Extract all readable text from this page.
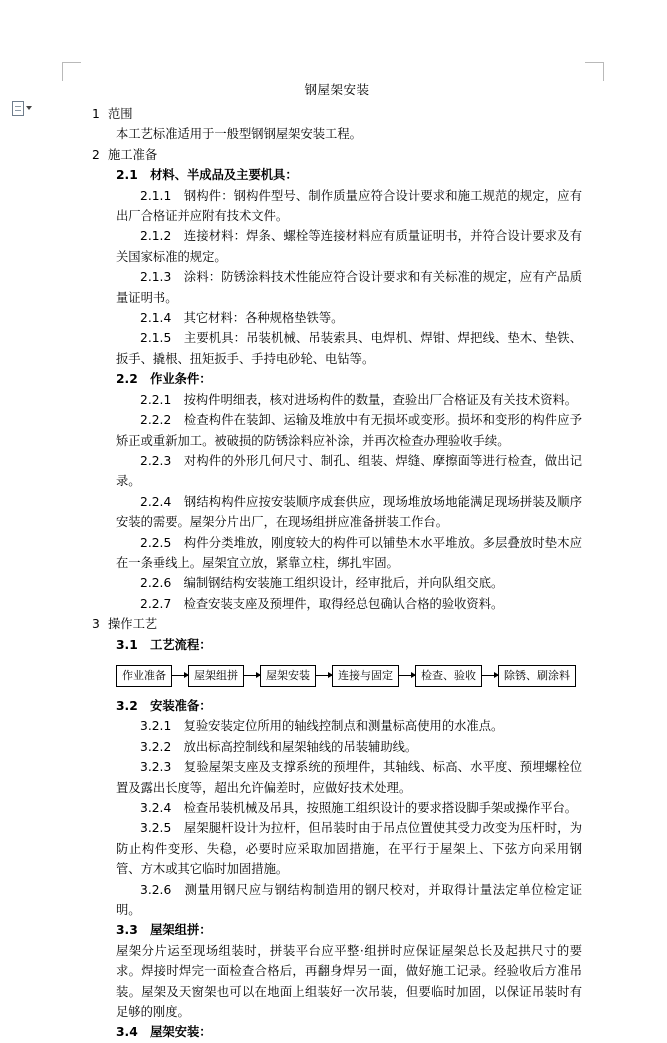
钢屋架安装

1 范围

本工艺标准适用于一般型钢钢屋架安装工程。

2 施工准备

2.1　材料、半成品及主要机具：

2.1.1　钢构件：钢构件型号、制作质量应符合设计要求和施工规范的规定，应有出厂合格证并应附有技术文件。

2.1.2　连接材料：焊条、螺栓等连接材料应有质量证明书，并符合设计要求及有关国家标准的规定。

2.1.3　涂料：防锈涂料技术性能应符合设计要求和有关标准的规定，应有产品质量证明书。

2.1.4　其它材料：各种规格垫铁等。

2.1.5　主要机具：吊装机械、吊装索具、电焊机、焊钳、焊把线、垫木、垫铁、扳手、撬根、扭矩扳手、手持电砂轮、电钻等。

2.2　作业条件：

2.2.1　按构件明细表，核对进场构件的数量，查验出厂合格证及有关技术资料。

2.2.2　检查构件在装卸、运输及堆放中有无损坏或变形。损坏和变形的构件应予矫正或重新加工。被破损的防锈涂料应补涂，并再次检查办理验收手续。

2.2.3　对构件的外形几何尺寸、制孔、组装、焊缝、摩擦面等进行检查，做出记录。

2.2.4　钢结构构件应按安装顺序成套供应，现场堆放场地能满足现场拼装及顺序安装的需要。屋架分片出厂，在现场组拼应准备拼装工作台。

2.2.5　构件分类堆放，刚度较大的构件可以铺垫木水平堆放。多层叠放时垫木应在一条垂线上。屋架宜立放，紧靠立柱，绑扎牢固。

2.2.6　编制钢结构安装施工组织设计，经审批后，并向队组交底。

2.2.7　检查安装支座及预埋件，取得经总包确认合格的验收资料。

3 操作工艺

3.1　工艺流程：

作业准备	屋架组拼	屋架安装	连接与固定	检查、验收	除锈、刷涂料

3.2　安装准备：

3.2.1　复验安装定位所用的轴线控制点和测量标高使用的水准点。

3.2.2　放出标高控制线和屋架轴线的吊装辅助线。

3.2.3　复验屋架支座及支撑系统的预埋件，其轴线、标高、水平度、预埋螺栓位置及露出长度等，超出允许偏差时，应做好技术处理。

3.2.4　检查吊装机械及吊具，按照施工组织设计的要求搭设脚手架或操作平台。

3.2.5　屋架腿杆设计为拉杆，但吊装时由于吊点位置使其受力改变为压杆时，为防止构件变形、失稳，必要时应采取加固措施，在平行于屋架上、下弦方向采用钢管、方木或其它临时加固措施。

3.2.6　测量用钢尺应与钢结构制造用的钢尺校对，并取得计量法定单位检定证明。

3.3　屋架组拼：

屋架分片运至现场组装时，拼装平台应平整·组拼时应保证屋架总长及起拱尺寸的要求。焊接时焊完一面检查合格后，再翻身焊另一面，做好施工记录。经验收后方准吊装。屋架及天窗架也可以在地面上组装好一次吊装，但要临时加固，以保证吊装时有足够的刚度。

3.4　屋架安装：
